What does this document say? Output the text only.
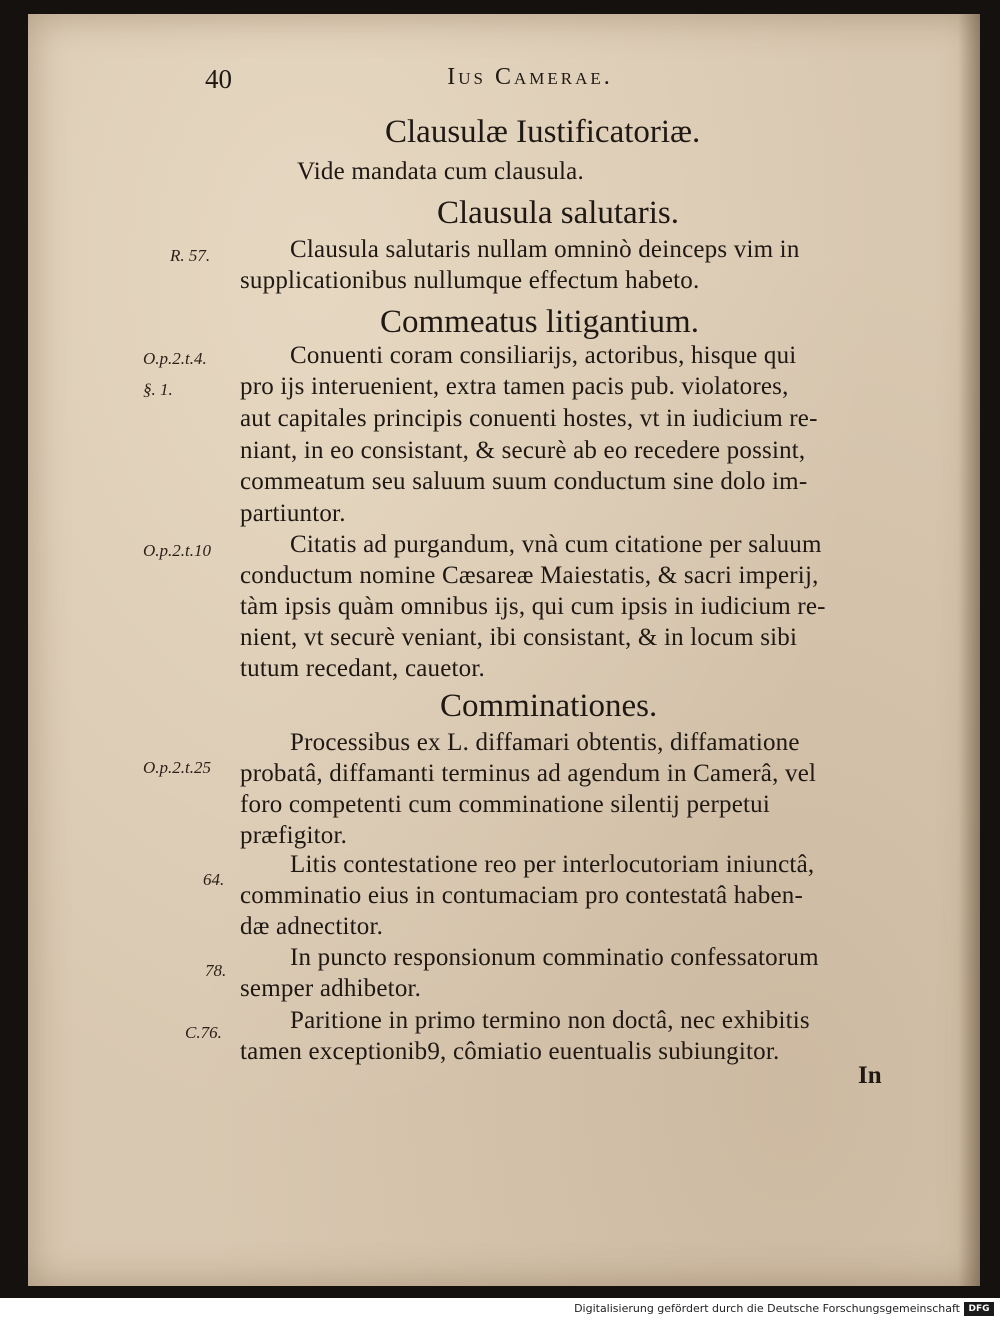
40	Ius Camerae.
Clausulæ Iustificatoriæ.
Vide mandata cum clausula.
Clausula salutaris.
R. 57.	Clausula salutaris nullam omninò deinceps vim in
supplicationibus nullumque effectum habeto.
Commeatus litigantium.
O.p.2.t.4.
§. 1.
Conuenti coram consiliarijs, actoribus, hisque qui
pro ijs interuenient, extra tamen pacis pub. violatores,
aut capitales principis conuenti hostes, vt in iudicium re-
niant, in eo consistant, & securè ab eo recedere possint,
commeatum seu saluum suum conductum sine dolo im-
partiuntor.
O.p.2.t.10	Citatis ad purgandum, vnà cum citatione per saluum
conductum nomine Cæsareæ Maiestatis, & sacri imperij,
tàm ipsis quàm omnibus ijs, qui cum ipsis in iudicium re-
nient, vt securè veniant, ibi consistant, & in locum sibi
tutum recedant, cauetor.
Comminationes.
Processibus ex L. diffamari obtentis, diffamatione
O.p.2.t.25 probatâ, diffamanti terminus ad agendum in Camerâ, vel
foro competenti cum comminatione silentij perpetui
præfigitor.
64.
Litis contestatione reo per interlocutoriam iniunctâ,
comminatio eius in contumaciam pro contestatâ haben-
dæ adnectitor.
78.	In puncto responsionum comminatio confessatorum
semper adhibetor.
C.76.	Paritione in primo termino non doctâ, nec exhibitis
tamen exceptionib9, cômiatio euentualis subiungitor.
In
Digitalisierung gefördert durch die Deutsche Forschungsgemeinschaft DFG
